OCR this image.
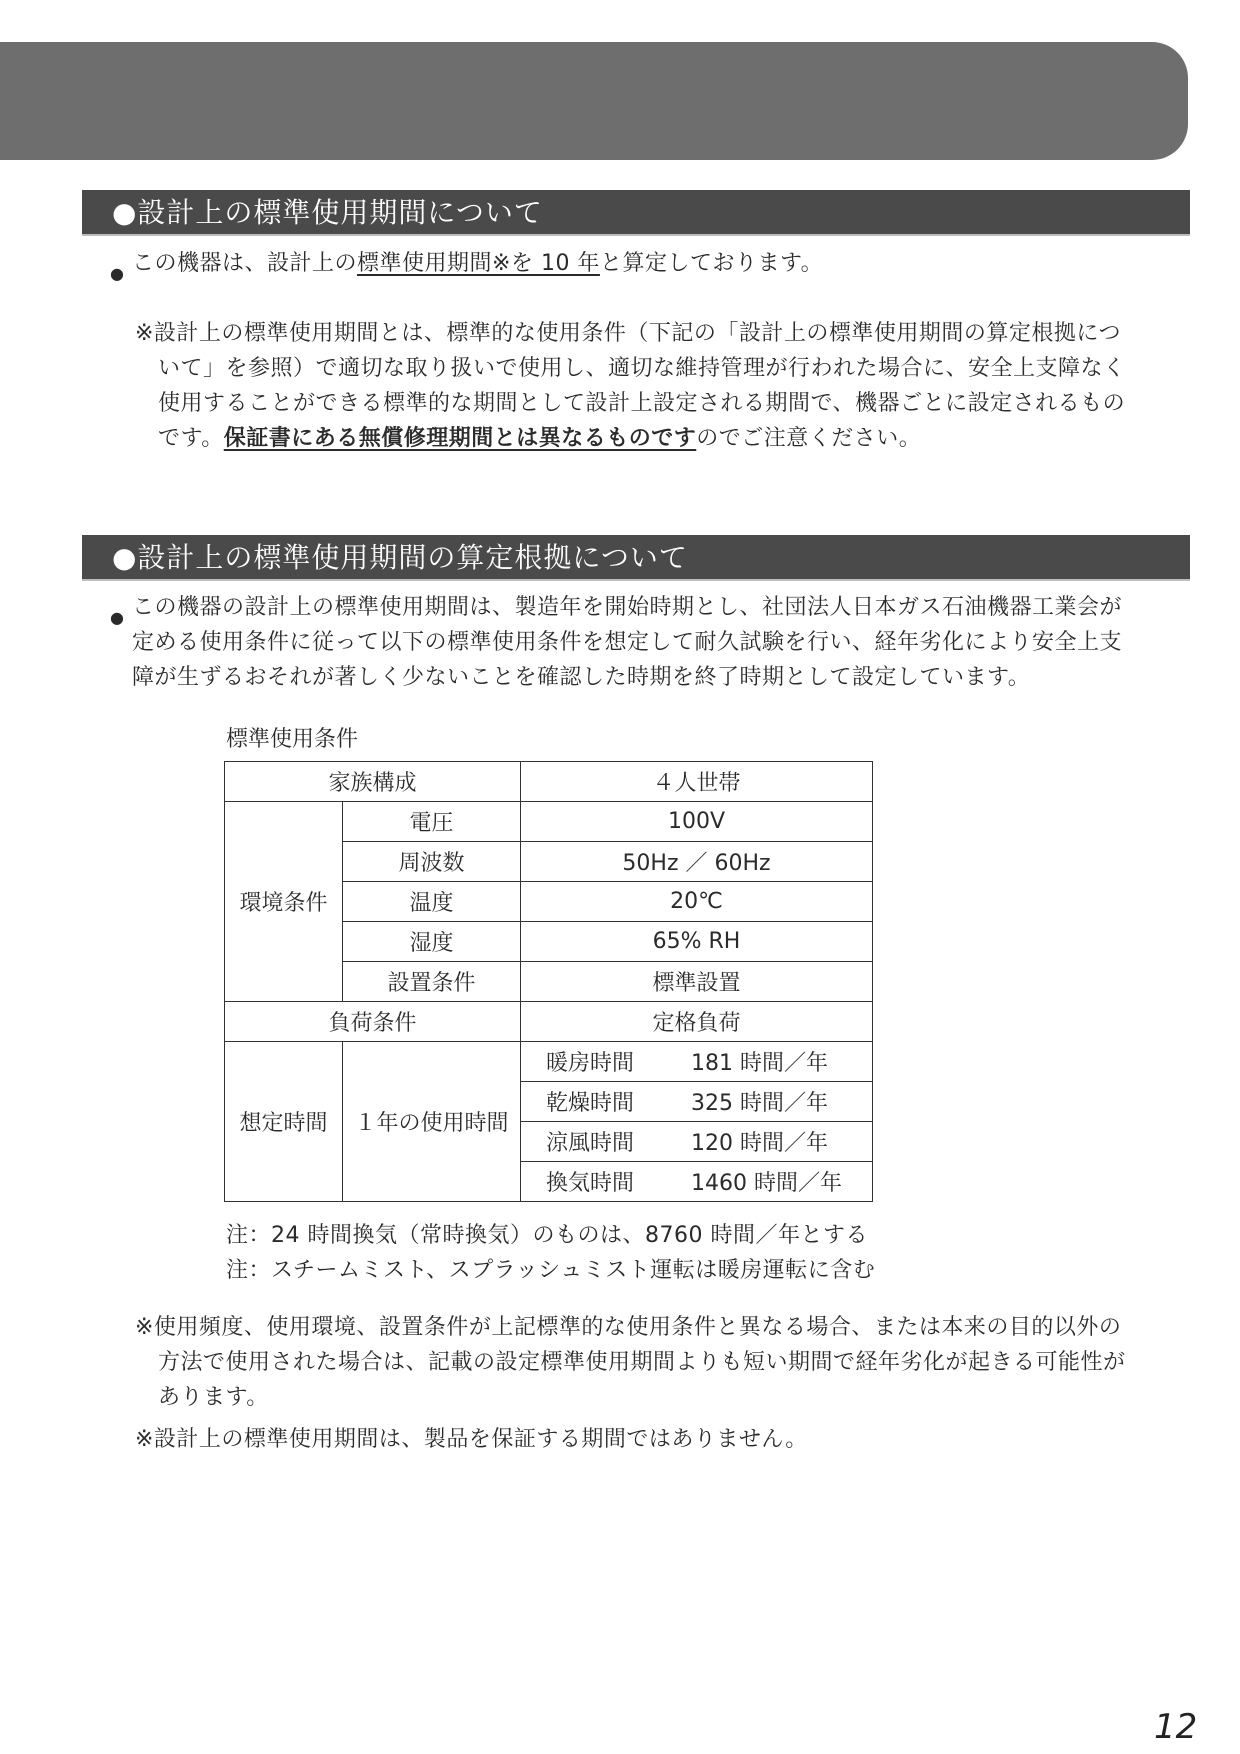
●設計上の標準使用期間について
● この機器は、設計上の標準使用期間※を 10 年と算定しております。
※設計上の標準使用期間とは、標準的な使用条件（下記の「設計上の標準使用期間の算定根拠につ
いて」を参照）で適切な取り扱いで使用し、適切な維持管理が行われた場合に、安全上支障なく
使用することができる標準的な期間として設計上設定される期間で、機器ごとに設定されるもの
です。保証書にある無償修理期間とは異なるものですのでご注意ください。
●設計上の標準使用期間の算定根拠について
● この機器の設計上の標準使用期間は、製造年を開始時期とし、社団法人日本ガス石油機器工業会が
定める使用条件に従って以下の標準使用条件を想定して耐久試験を行い、経年劣化により安全上支
障が生ずるおそれが著しく少ないことを確認した時期を終了時期として設定しています。
標準使用条件
家族構成		４人世帯
環境条件	電圧	100V
	周波数	50Hz ／ 60Hz
	温度	20℃
	湿度	65% RH
	設置条件	標準設置
負荷条件		定格負荷
想定時間	１年の使用時間	暖房時間 181 時間／年
		乾燥時間 325 時間／年
		涼風時間 120 時間／年
		換気時間 1460 時間／年
注：24 時間換気（常時換気）のものは、8760 時間／年とする
注：スチームミスト、スプラッシュミスト運転は暖房運転に含む
※使用頻度、使用環境、設置条件が上記標準的な使用条件と異なる場合、または本来の目的以外の
方法で使用された場合は、記載の設定標準使用期間よりも短い期間で経年劣化が起きる可能性が
あります。
※設計上の標準使用期間は、製品を保証する期間ではありません。
12
